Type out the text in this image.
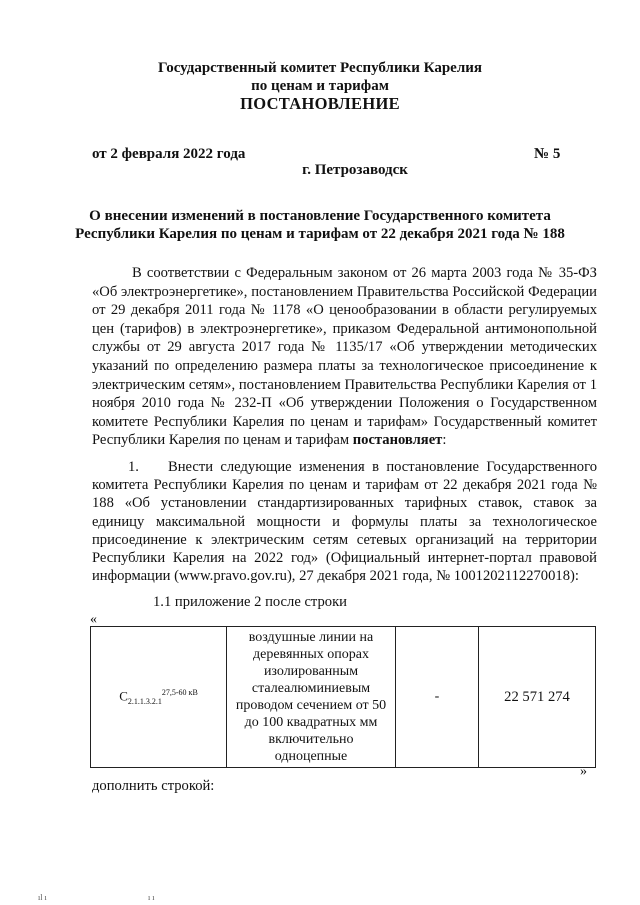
Государственный комитет Республики Карелия
по ценам и тарифам
ПОСТАНОВЛЕНИЕ
от 2 февраля 2022 года	№ 5
г. Петрозаводск
О внесении изменений в постановление Государственного комитета
Республики Карелия по ценам и тарифам от 22 декабря 2021 года № 188

В соответствии с Федеральным законом от 26 марта 2003 года № 35-ФЗ «Об электроэнергетике», постановлением Правительства Российской Федерации от 29 декабря 2011 года № 1178 «О ценообразовании в области регулируемых цен (тарифов) в электроэнергетике», приказом Федеральной антимонопольной службы от 29 августа 2017 года № 1135/17 «Об утверждении методических указаний по определению размера платы за технологическое присоединение к электрическим сетям», постановлением Правительства Республики Карелия от 1 ноября 2010 года № 232-П «Об утверждении Положения о Государственном комитете Республики Карелия по ценам и тарифам» Государственный комитет Республики Карелия по ценам и тарифам постановляет:

1. Внести следующие изменения в постановление Государственного комитета Республики Карелия по ценам и тарифам от 22 декабря 2021 года № 188 «Об установлении стандартизированных тарифных ставок, ставок за единицу максимальной мощности и формулы платы за технологическое присоединение к электрическим сетям сетевых организаций на территории Республики Карелия на 2022 год» (Официальный интернет-портал правовой информации (www.pravo.gov.ru), 27 декабря 2021 года, № 1001202112270018):
1.1 приложение 2 после строки
«
$C_{2.1.1.3.2.1}^{27,5-60 кВ}$	воздушные линии на деревянных опорах изолированным сталеалюминиевым проводом сечением от 50 до 100 квадратных мм включительно одноцепные	-	22 571 274
»
дополнить строкой:
ıl ı	ı ı
